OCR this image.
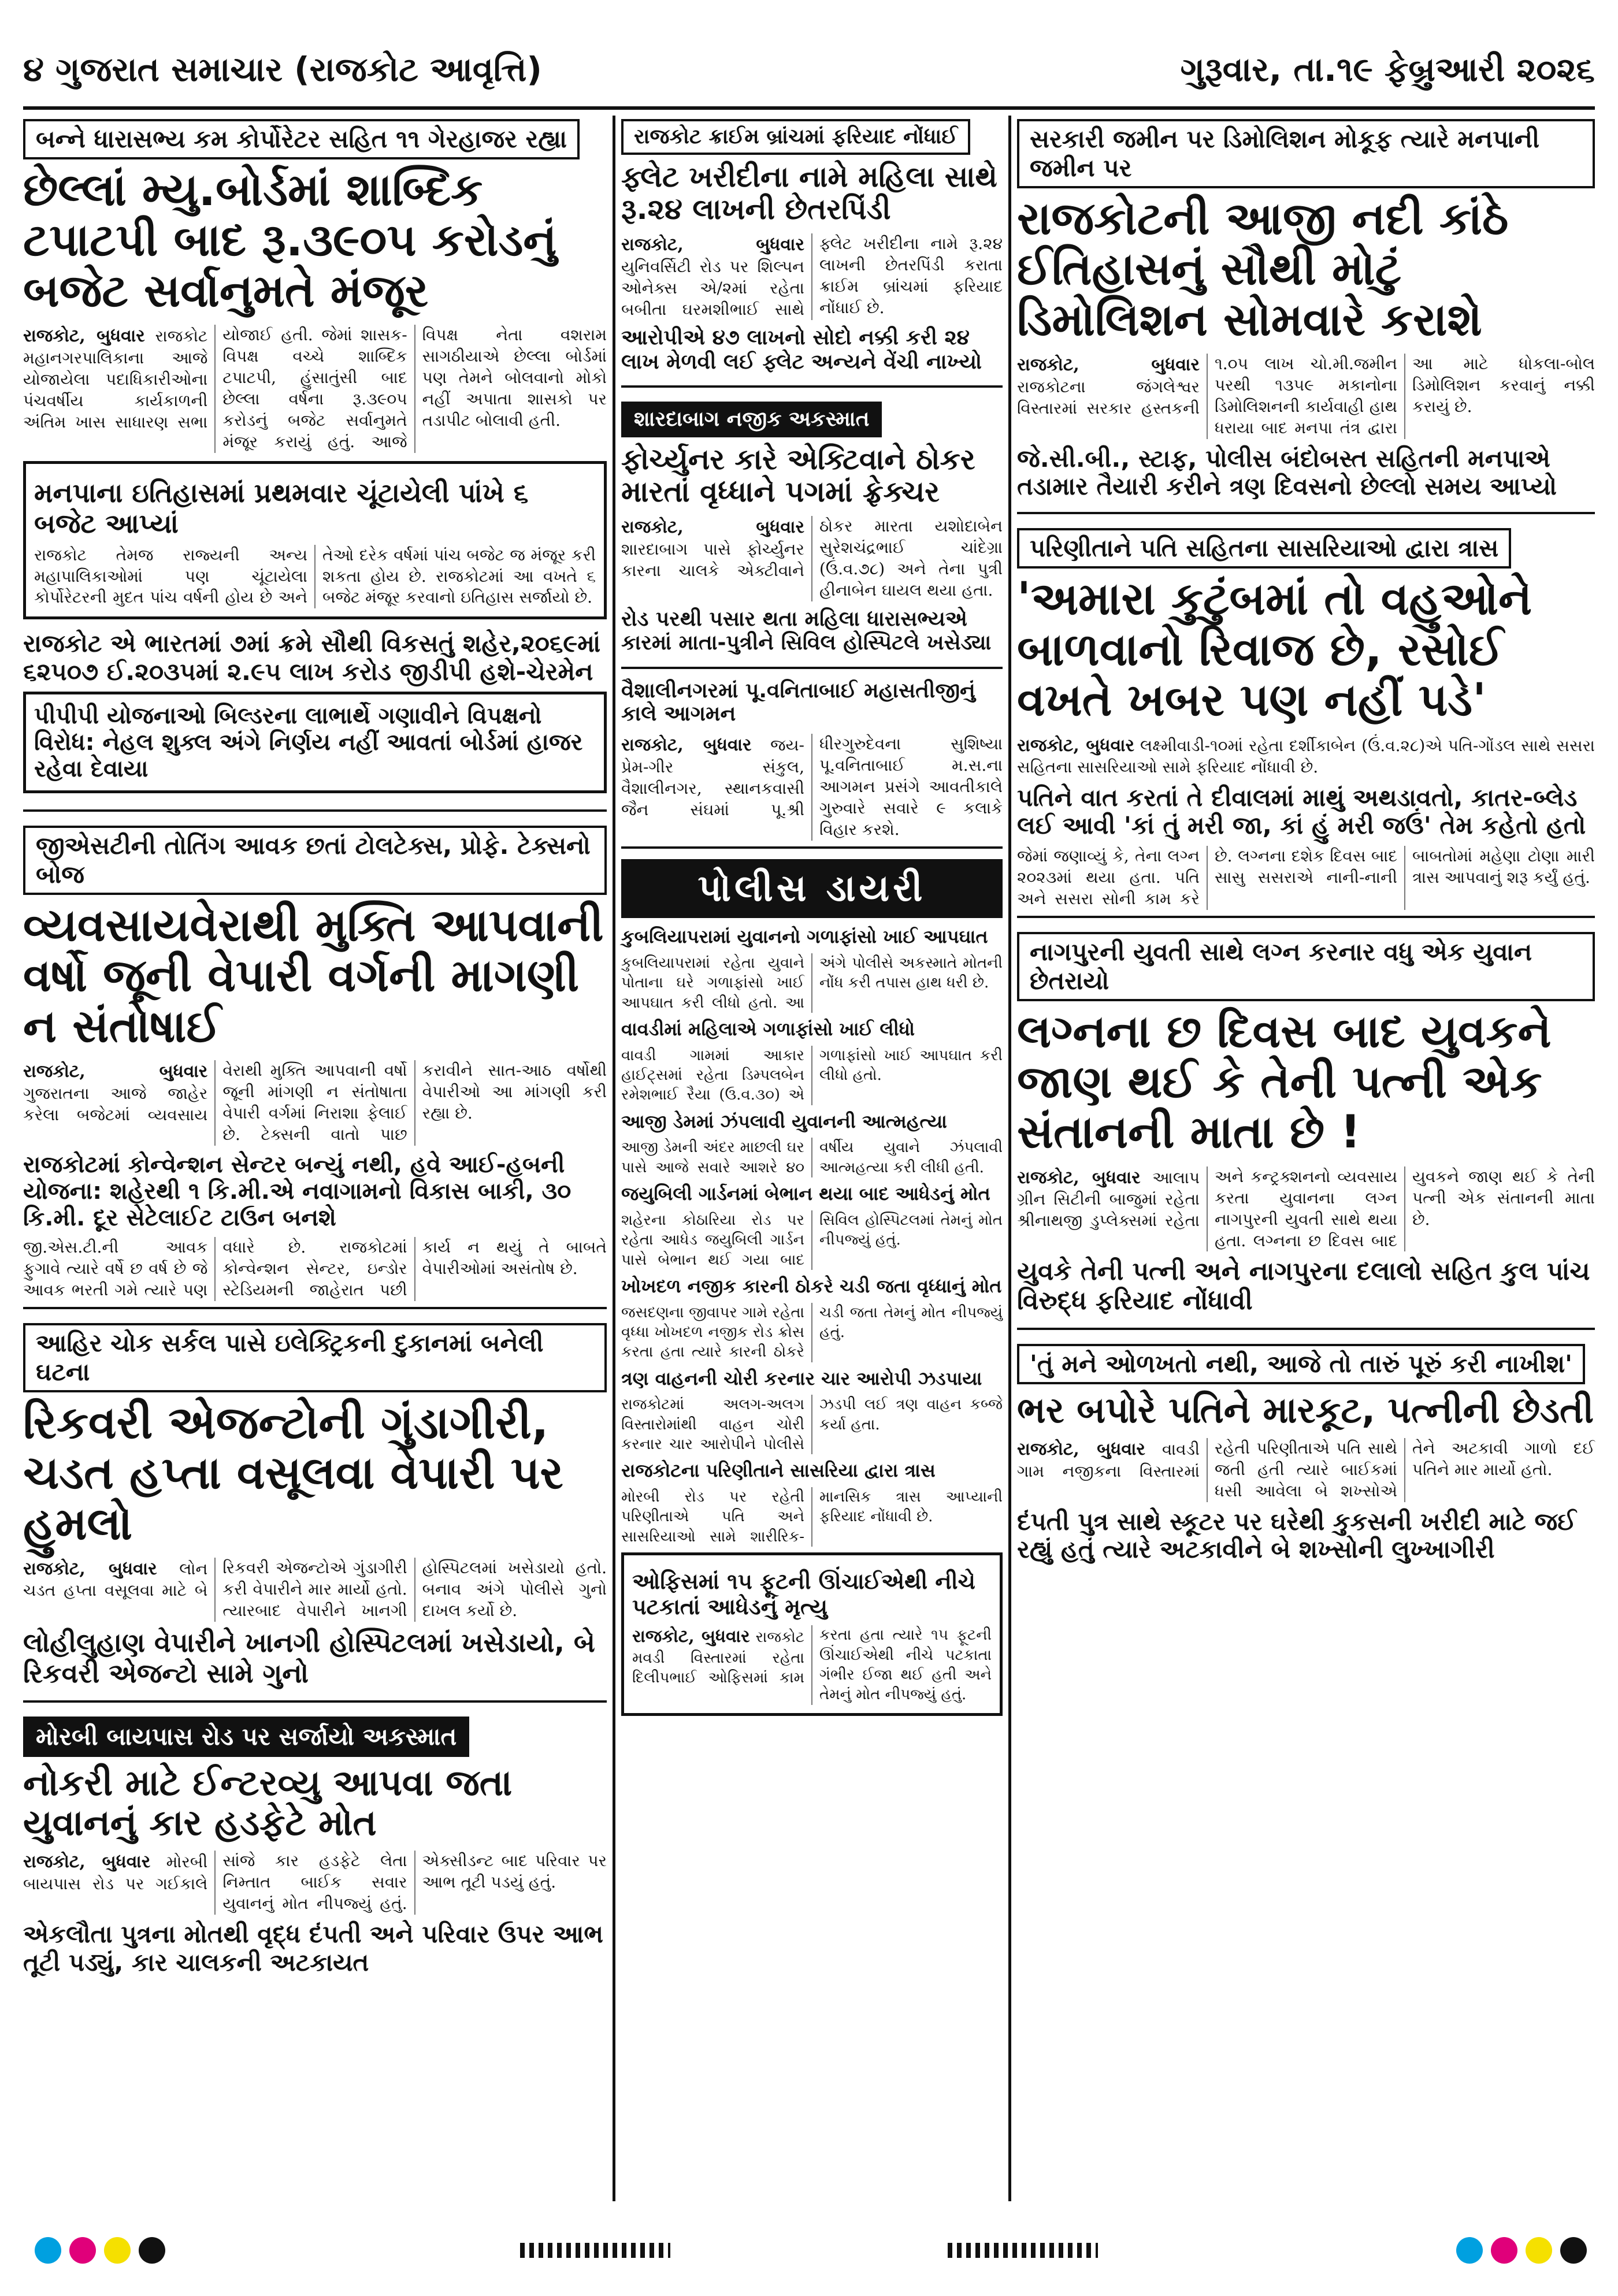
૪ ગુજરાત સમાચાર (રાજકોટ આવૃત્તિ)	ગુરૂવાર, તા.૧૯ ફેબ્રુઆરી ૨૦૨૬
બન્ને ધારાસભ્ય કમ કોર્પોરેટર સહિત ૧૧ ગેરહાજર રહ્યા
છેલ્લાં મ્યુ.બોર્ડમાં શાબ્દિક ટપાટપી બાદ રૂ.૩૯૦૫ કરોડનું બજેટ સર્વાનુમતે મંજૂર
રાજકોટ, બુધવાર રાજકોટ મહાનગરપાલિકાના આજે યોજાયેલા પદાધિકારીઓના પંચવર્ષીય કાર્યકાળની અંતિમ ખાસ સાધારણ સભા યોજાઈ હતી. જેમાં શાસક-વિપક્ષ વચ્ચે શાબ્દિક ટપાટપી, હુંસાતુંસી બાદ છેલ્લા વર્ષના રૂ.૩૯૦૫ કરોડનું બજેટ સર્વાનુમતે મંજૂર કરાયું હતું. આજે વિપક્ષ નેતા વશરામ સાગઠીયાએ છેલ્લા બોર્ડમાં પણ તેમને બોલવાનો મોકો નહીં અપાતા શાસકો પર તડાપીટ બોલાવી હતી.
મનપાના ઇતિહાસમાં પ્રથમવાર ચૂંટાયેલી પાંખે ૬ બજેટ આપ્યાં
રાજકોટ તેમજ રાજ્યની અન્ય મહાપાલિકાઓમાં પણ ચૂંટાયેલા કોર્પોરેટરની મુદત પાંચ વર્ષની હોય છે અને તેઓ દરેક વર્ષમાં પાંચ બજેટ જ મંજૂર કરી શકતા હોય છે. રાજકોટમાં આ વખતે ૬ બજેટ મંજૂર કરવાનો ઇતિહાસ સર્જાયો છે.
રાજકોટ એ ભારતમાં ૭માં ક્રમે સૌથી વિકસતું શહેર,૨૦૬૯માં ૬૨૫૦૭ ઈ.૨૦૩૫માં ૨.૯૫ લાખ કરોડ જીડીપી હશે-ચેરમેન
પીપીપી યોજનાઓ બિલ્ડરના લાભાર્થે ગણાવીને વિપક્ષનો વિરોધ: નેહલ શુક્લ અંગે નિર્ણય નહીં આવતાં બોર્ડમાં હાજર રહેવા દેવાયા
જીએસટીની તોતિંગ આવક છતાં ટોલટેક્સ, પ્રોફે. ટેક્સનો બોજ
વ્યવસાયવેરાથી મુક્તિ આપવાની વર્ષો જૂની વેપારી વર્ગની માગણી ન સંતોષાઈ
રાજકોટ, બુધવાર ગુજરાતના આજે જાહેર કરેલા બજેટમાં વ્યવસાય વેરાથી મુક્તિ આપવાની વર્ષો જૂની માંગણી ન સંતોષાતા વેપારી વર્ગમાં નિરાશા ફેલાઈ છે. ટેક્સની વાતો પાછ કરાવીને સાત-આઠ વર્ષોથી વેપારીઓ આ માંગણી કરી રહ્યા છે.
રાજકોટમાં કોન્વેન્શન સેન્ટર બન્યું નથી, હવે આઈ-હબની યોજના: શહેરથી ૧ કિ.મી.એ નવાગામનો વિકાસ બાકી, ૩૦ કિ.મી. દૂર સેટેલાઈટ ટાઉન બનશે
જી.એસ.ટી.ની આવક ફુગાવે ત્યારે વર્ષે છ વર્ષ છે જે આવક ભરતી ગમે ત્યારે પણ વધારે છે. રાજકોટમાં કોન્વેન્શન સેન્ટર, ઇન્ડોર સ્ટેડિયમની જાહેરાત પછી કાર્ય ન થયું તે બાબતે વેપારીઓમાં અસંતોષ છે.
આહિર ચોક સર્કલ પાસે ઇલેક્ટ્રિકની દુકાનમાં બનેલી ઘટના
રિકવરી એજન્ટોની ગુંડાગીરી, ચડત હપ્તા વસૂલવા વેપારી પર હુમલો
રાજકોટ, બુધવાર લોન ચડત હપ્તા વસૂલવા માટે બે રિકવરી એજન્ટોએ ગુંડાગીરી કરી વેપારીને માર માર્યો હતો. ત્યારબાદ વેપારીને ખાનગી હોસ્પિટલમાં ખસેડાયો હતો. બનાવ અંગે પોલીસે ગુનો દાખલ કર્યો છે.
લોહીલુહાણ વેપારીને ખાનગી હોસ્પિટલમાં ખસેડાયો, બે રિકવરી એજન્ટો સામે ગુનો
મોરબી બાયપાસ રોડ પર સર્જાયો અકસ્માત
નોકરી માટે ઈન્ટરવ્યુ આપવા જતા યુવાનનું કાર હડફેટે મોત
રાજકોટ, બુધવાર મોરબી બાયપાસ રોડ પર ગઈકાલે સાંજે કાર હડફેટે લેતા નિમ્તાત બાઈક સવાર યુવાનનું મોત નીપજ્યું હતું. એક્સીડન્ટ બાદ પરિવાર પર આભ તૂટી પડયું હતું.
એકલૌતા પુત્રના મોતથી વૃદ્ધ દંપતી અને પરિવાર ઉપર આભ તૂટી પડ્યું, કાર ચાલકની અટકાયત
રાજકોટ ક્રાઈમ બ્રાંચમાં ફરિયાદ નોંધાઈ
ફ્લેટ ખરીદીના નામે મહિલા સાથે રૂ.૨૪ લાખની છેતરપિંડી
રાજકોટ, બુધવાર યુનિવર્સિટી રોડ પર શિલ્પન ઓનેક્સ એ/૨માં રહેતા બબીતા ઘરમશીભાઈ સાથે ફ્લેટ ખરીદીના નામે રૂ.૨૪ લાખની છેતરપિંડી કરાતા ક્રાઈમ બ્રાંચમાં ફરિયાદ નોંધાઈ છે.
આરોપીએ ૪૭ લાખનો સોદો નક્કી કરી ૨૪ લાખ મેળવી લઈ ફ્લેટ અન્યને વેંચી નાખ્યો
શારદાબાગ નજીક અકસ્માત
ફોર્ચ્યુનર કારે એક્ટિવાને ઠોકર મારતાં વૃધ્ધાને પગમાં ફ્રેક્ચર
રાજકોટ, બુધવાર શારદાબાગ પાસે ફોર્ચ્યુનર કારના ચાલકે એક્ટીવાને ઠોકર મારતા યશોદાબેન સુરેશચંદ્રભાઈ ચાંદેગ્રા (ઉં.વ.૭૮) અને તેના પુત્રી હીનાબેન ઘાયલ થયા હતા.
રોડ પરથી પસાર થતા મહિલા ધારાસભ્યએ કારમાં માતા-પુત્રીને સિવિલ હોસ્પિટલે ખસેડ્યા
વૈશાલીનગરમાં પૂ.વનિતાબાઈ મહાસતીજીનું કાલે આગમન
રાજકોટ, બુધવાર જય-પ્રેમ-ગીર સંકુલ, વૈશાલીનગર, સ્થાનકવાસી જૈન સંઘમાં પૂ.શ્રી ધીરગુરુદેવના સુશિષ્યા પૂ.વનિતાબાઈ મ.સ.ના આગમન પ્રસંગે આવતીકાલે ગુરુવારે સવારે ૯ કલાકે વિહાર કરશે.
પોલીસ ડાયરી
કુબલિયાપરામાં યુવાનનો ગળાફાંસો ખાઈ આપઘાત
કુબલિયાપરામાં રહેતા યુવાને પોતાના ઘરે ગળાફાંસો ખાઈ આપઘાત કરી લીધો હતો. આ અંગે પોલીસે અકસ્માતે મોતની નોંધ કરી તપાસ હાથ ધરી છે.
વાવડીમાં મહિલાએ ગળાફાંસો ખાઈ લીધો
વાવડી ગામમાં આકાર હાઈટ્સમાં રહેતા ડિમ્પલબેન રમેશભાઈ રૈયા (ઉ.વ.૩૦) એ ગળાફાંસો ખાઈ આપઘાત કરી લીધો હતો.
આજી ડેમમાં ઝંપલાવી યુવાનની આત્મહત્યા
આજી ડેમની અંદર માછલી ઘર પાસે આજે સવારે આશરે ૪૦ વર્ષીય યુવાને ઝંપલાવી આત્મહત્યા કરી લીધી હતી.
જયુબિલી ગાર્ડનમાં બેભાન થયા બાદ આધેડનું મોત
શહેરના કોઠારિયા રોડ પર રહેતા આધેડ જયુબિલી ગાર્ડન પાસે બેભાન થઈ ગયા બાદ સિવિલ હોસ્પિટલમાં તેમનું મોત નીપજ્યું હતું.
ખોખદળ નજીક કારની ઠોકરે ચડી જતા વૃધ્ધાનું મોત
જસદણના જીવાપર ગામે રહેતા વૃધ્ધા ખોખદળ નજીક રોડ ક્રોસ કરતા હતા ત્યારે કારની ઠોકરે ચડી જતા તેમનું મોત નીપજ્યું હતું.
ત્રણ વાહનની ચોરી કરનાર ચાર આરોપી ઝડપાયા
રાજકોટમાં અલગ-અલગ વિસ્તારોમાંથી વાહન ચોરી કરનાર ચાર આરોપીને પોલીસે ઝડપી લઈ ત્રણ વાહન કબ્જે કર્યા હતા.
રાજકોટના પરિણીતાને સાસરિયા દ્વારા ત્રાસ
મોરબી રોડ પર રહેતી પરિણીતાએ પતિ અને સાસરિયાઓ સામે શારીરિક-માનસિક ત્રાસ આપ્યાની ફરિયાદ નોંધાવી છે.
ઓફિસમાં ૧૫ ફૂટની ઊંચાઈએથી નીચે પટકાતાં આધેડનું મૃત્યુ
રાજકોટ, બુધવાર રાજકોટ મવડી વિસ્તારમાં રહેતા દિલીપભાઈ ઓફિસમાં કામ કરતા હતા ત્યારે ૧૫ ફૂટની ઊંચાઈએથી નીચે પટકાતા ગંભીર ઈજા થઈ હતી અને તેમનું મોત નીપજ્યું હતું.
સરકારી જમીન પર ડિમોલિશન મોકૂફ ત્યારે મનપાની જમીન પર
રાજકોટની આજી નદી કાંઠે ઈતિહાસનું સૌથી મોટું ડિમોલિશન સોમવારે કરાશે
રાજકોટ, બુધવાર રાજકોટના જંગલેશ્વર વિસ્તારમાં સરકાર હસ્તકની ૧.૦૫ લાખ ચો.મી.જમીન પરથી ૧૩૫૯ મકાનોના ડિમોલિશનની કાર્યવાહી હાથ ધરાયા બાદ મનપા તંત્ર દ્વારા આ માટે ધોકલા-બોલ ડિમોલિશન કરવાનું નક્કી કરાયું છે.
જે.સી.બી., સ્ટાફ, પોલીસ બંદોબસ્ત સહિતની મનપાએ તડામાર તૈયારી કરીને ત્રણ દિવસનો છેલ્લો સમય આપ્યો
પરિણીતાને પતિ સહિતના સાસરિયાઓ દ્વારા ત્રાસ
'અમારા કુટુંબમાં તો વહુઓને બાળવાનો રિવાજ છે, રસોઈ વખતે ખબર પણ નહીં પડે'
રાજકોટ, બુધવાર લક્ષ્મીવાડી-૧૦માં રહેતા દર્શીકાબેન (ઉં.વ.૨૮)એ પતિ-ગોંડલ સાથે સસરા સહિતના સાસરિયાઓ સામે ફરિયાદ નોંધાવી છે.
પતિને વાત કરતાં તે દીવાલમાં માથું અથડાવતો, કાતર-બ્લેડ લઈ આવી 'કાં તું મરી જા, કાં હું મરી જઉં' તેમ કહેતો હતો
જેમાં જણાવ્યું કે, તેના લગ્ન ૨૦૨૩માં થયા હતા. પતિ અને સસરા સોની કામ કરે છે. લગ્નના દશેક દિવસ બાદ સાસુ સસરાએ નાની-નાની બાબતોમાં મહેણા ટોણા મારી ત્રાસ આપવાનું શરૂ કર્યું હતું.
નાગપુરની યુવતી સાથે લગ્ન કરનાર વધુ એક યુવાન છેતરાયો
લગ્નના છ દિવસ બાદ યુવકને જાણ થઈ કે તેની પત્ની એક સંતાનની માતા છે !
રાજકોટ, બુધવાર આલાપ ગ્રીન સિટીની બાજુમાં રહેતા શ્રીનાથજી ડુપ્લેક્સમાં રહેતા અને કન્ટ્રક્શનનો વ્યવસાય કરતા યુવાનના લગ્ન નાગપુરની યુવતી સાથે થયા હતા. લગ્નના છ દિવસ બાદ યુવકને જાણ થઈ કે તેની પત્ની એક સંતાનની માતા છે.
યુવકે તેની પત્ની અને નાગપુરના દલાલો સહિત કુલ પાંચ વિરુદ્ધ ફરિયાદ નોંધાવી
'તું મને ઓળખતો નથી, આજે તો તારું પૂરું કરી નાખીશ'
ભર બપોરે પતિને મારકૂટ, પત્નીની છેડતી
રાજકોટ, બુધવાર વાવડી ગામ નજીકના વિસ્તારમાં રહેતી પરિણીતાએ પતિ સાથે જતી હતી ત્યારે બાઈકમાં ધસી આવેલા બે શખ્સોએ તેને અટકાવી ગાળો દઈ પતિને માર માર્યો હતો.
દંપતી પુત્ર સાથે સ્કૂટર પર ઘરેથી કુકસની ખરીદી માટે જઈ રહ્યું હતું ત્યારે અટકાવીને બે શખ્સોની લુખ્ખાગીરી
